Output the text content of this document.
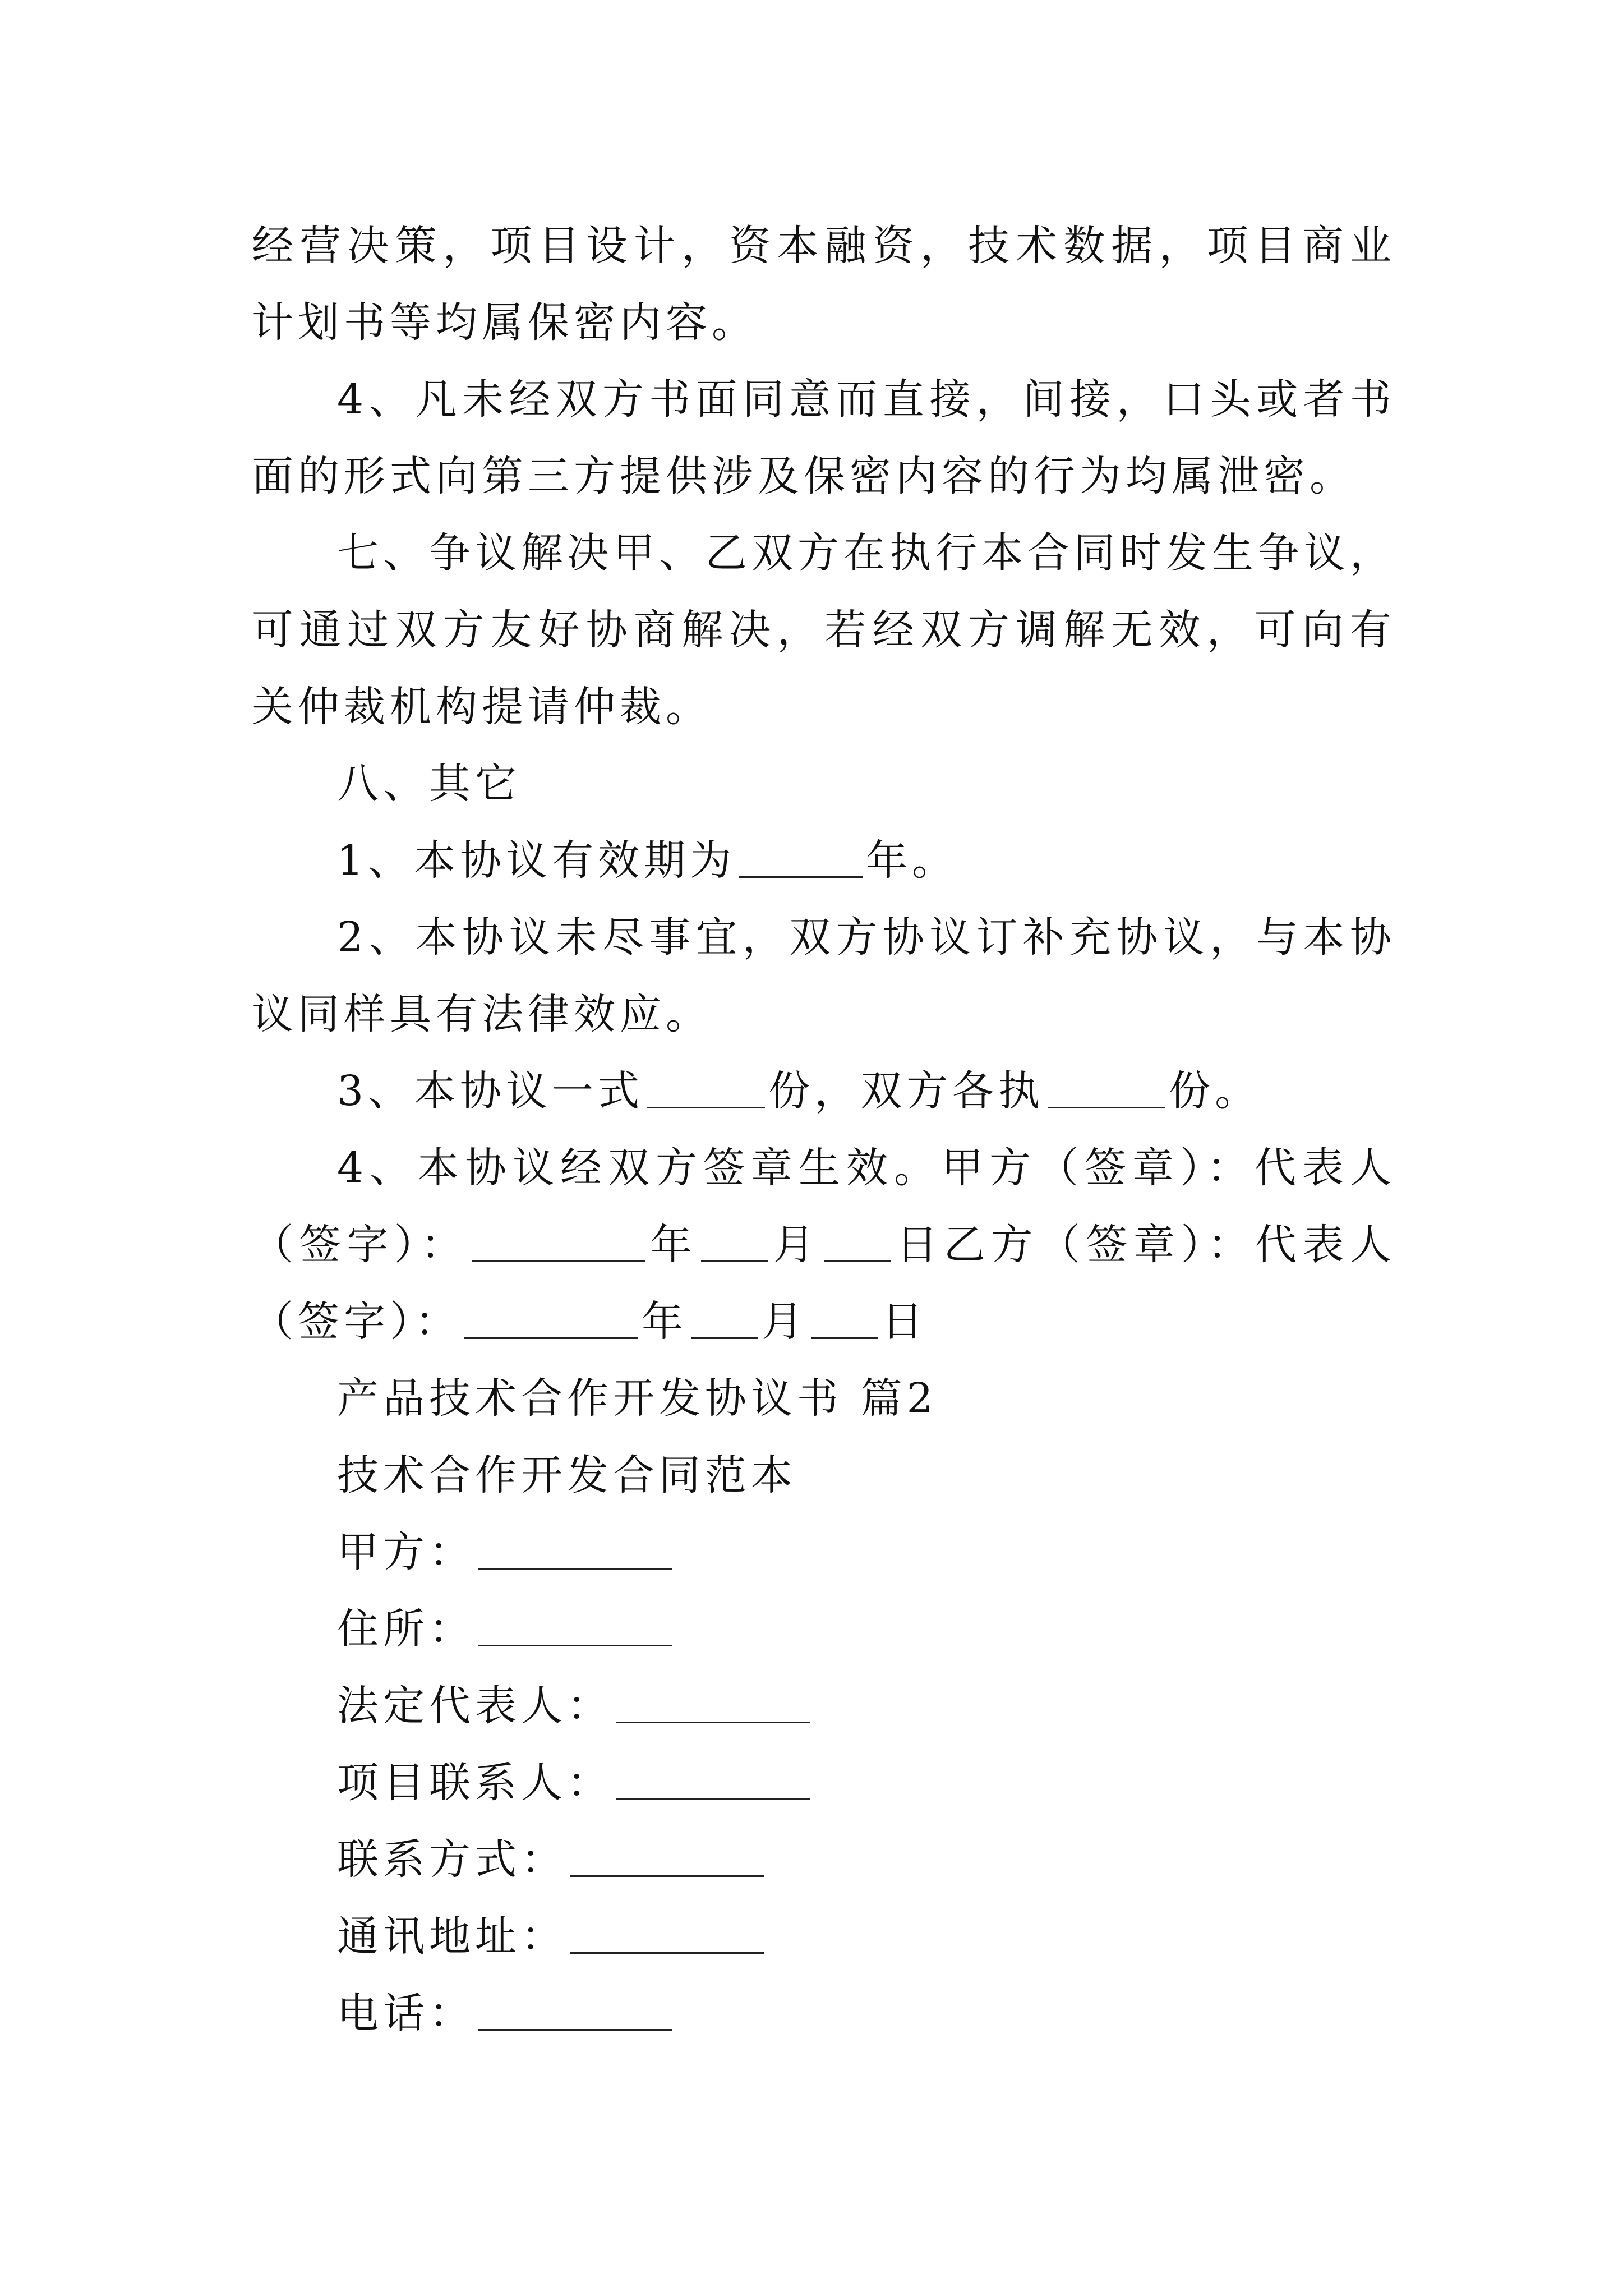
经营决策，项目设计，资本融资，技术数据，项目商业计划书等均属保密内容。

4、凡未经双方书面同意而直接，间接，口头或者书面的形式向第三方提供涉及保密内容的行为均属泄密。

七、争议解决甲、乙双方在执行本合同时发生争议，可通过双方友好协商解决，若经双方调解无效，可向有关仲裁机构提请仲裁。

八、其它

1、本协议有效期为	年。

2、本协议未尽事宜，双方协议订补充协议，与本协议同样具有法律效应。

3、本协议一式	份，双方各执	份。

4、本协议经双方签章生效。甲方（签章）：代表人（签字）：	年 月 日乙方（签章）：代表人（签字）：	年 月 日

产品技术合作开发协议书 篇2

技术合作开发合同范本

甲方：

住所：

法定代表人：

项目联系人：

联系方式：

通讯地址：

电话：
